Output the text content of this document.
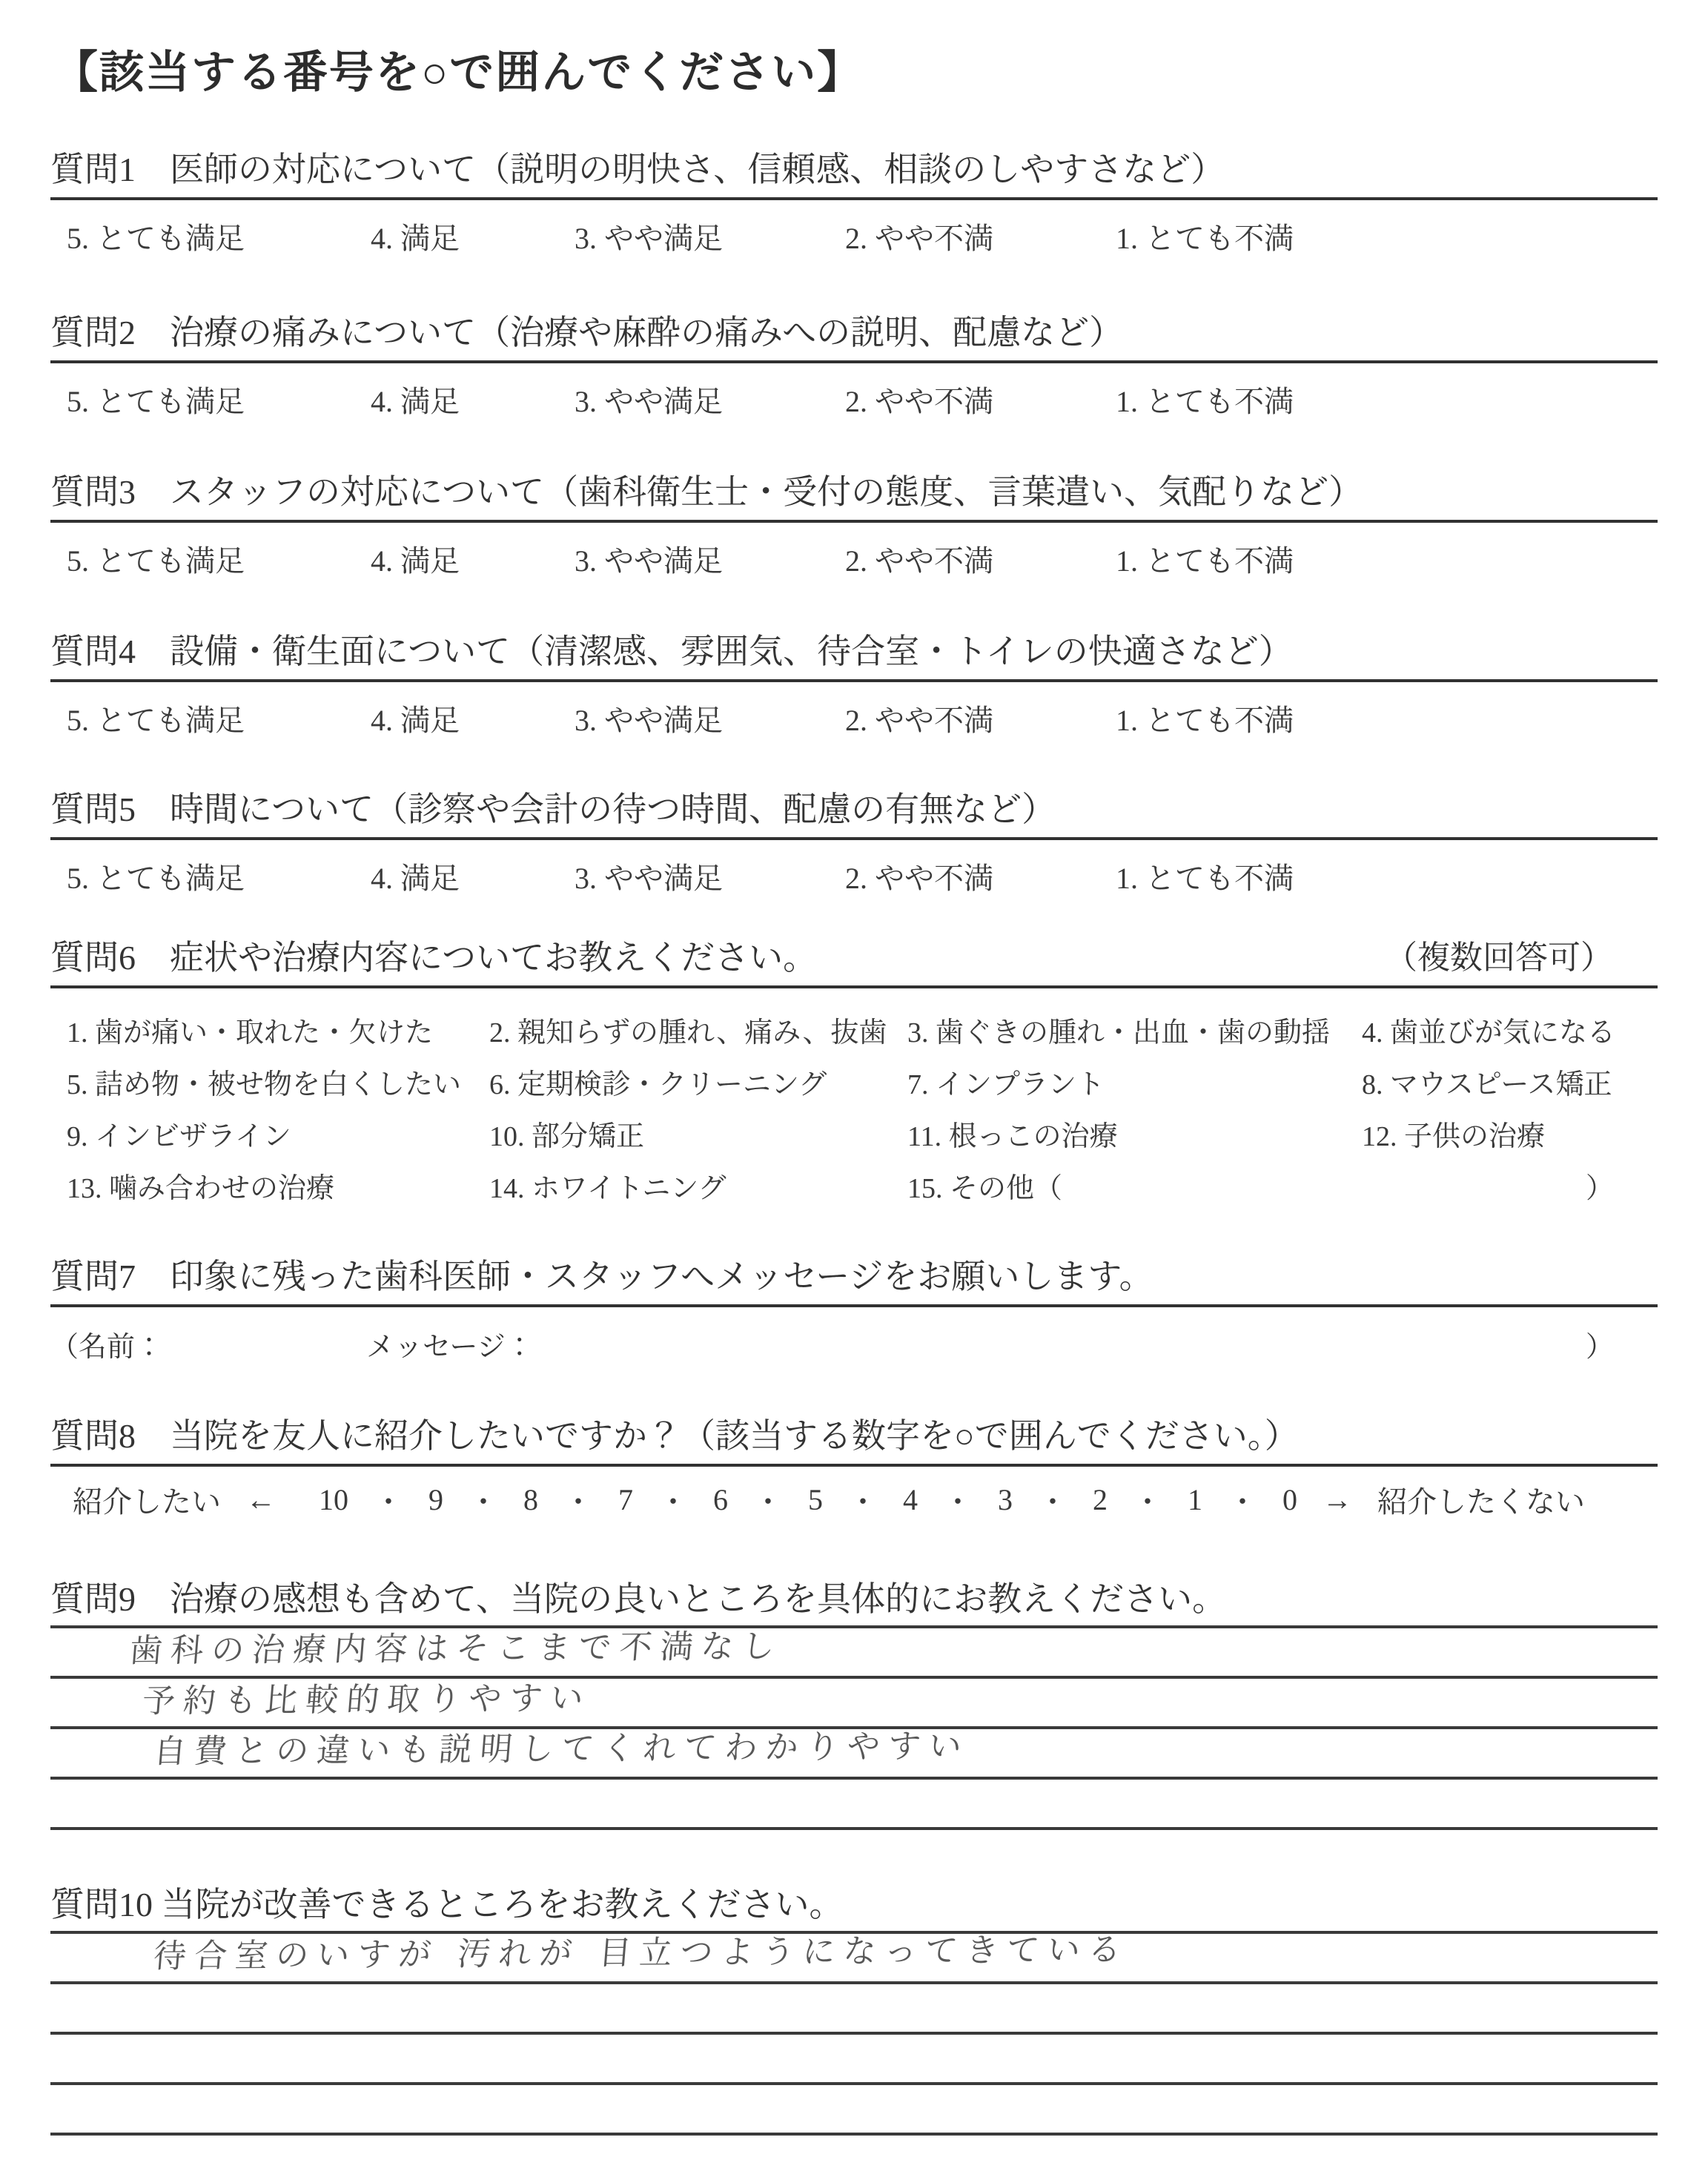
【該当する番号を○で囲んでください】
質問1　医師の対応について（説明の明快さ、信頼感、相談のしやすさなど）
5. とても満足	4. 満足	3. やや満足	2. やや不満	1. とても不満
質問2　治療の痛みについて（治療や麻酔の痛みへの説明、配慮など）
5. とても満足	4. 満足	3. やや満足	2. やや不満	1. とても不満
質問3　スタッフの対応について（歯科衛生士・受付の態度、言葉遣い、気配りなど）
5. とても満足	4. 満足	3. やや満足	2. やや不満	1. とても不満
質問4　設備・衛生面について（清潔感、雰囲気、待合室・トイレの快適さなど）
5. とても満足	4. 満足	3. やや満足	2. やや不満	1. とても不満
質問5　時間について（診察や会計の待つ時間、配慮の有無など）
5. とても満足	4. 満足	3. やや満足	2. やや不満	1. とても不満
質問6　症状や治療内容についてお教えください。	（複数回答可）
1. 歯が痛い・取れた・欠けた 2. 親知らずの腫れ、痛み、抜歯 3. 歯ぐきの腫れ・出血・歯の動揺 4. 歯並びが気になる
5. 詰め物・被せ物を白くしたい 6. 定期検診・クリーニング	7. インプラント	8. マウスピース矯正
9. インビザライン	10. 部分矯正	11. 根っこの治療	12. 子供の治療
13. 噛み合わせの治療	14. ホワイトニング	15. その他（	）
質問7　印象に残った歯科医師・スタッフへメッセージをお願いします。
（名前：	メッセージ：	）
質問8　当院を友人に紹介したいですか？（該当する数字を○で囲んでください。）
紹介したい ← 10 ・ 9 ・ 8 ・ 7 ・ 6 ・ 5 ・ 4 ・ 3 ・ 2 ・ 1 ・ 0 → 紹介したくない
質問9　治療の感想も含めて、当院の良いところを具体的にお教えください。
歯科の治療内容はそこまで不満なし
予約も比較的取りやすい
自費との違いも説明してくれてわかりやすい
質問10 当院が改善できるところをお教えください。
待合室のいすが 汚れが 目立つようになってきている
